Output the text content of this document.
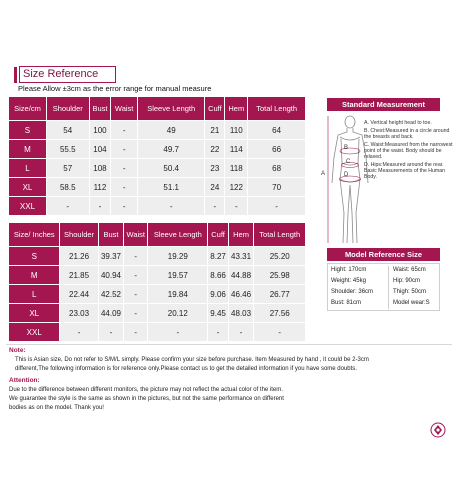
Size Reference
Please Allow ±3cm as the error range for manual measure
Size/cm	Shoulder	Bust	Waist	Sleeve Length	Cuff	Hem	Total Length
S	54	100	-	49	21	110	64
M	55.5	104	-	49.7	22	114	66
L	57	108	-	50.4	23	118	68
XL	58.5	112	-	51.1	24	122	70
XXL	-	-	-	-	-	-	-
Size/ Inches	Shoulder	Bust	Waist	Sleeve Length	Cuff	Hem	Total Length
S	21.26	39.37	-	19.29	8.27	43.31	25.20
M	21.85	40.94	-	19.57	8.66	44.88	25.98
L	22.44	42.52	-	19.84	9.06	46.46	26.77
XL	23.03	44.09	-	20.12	9.45	48.03	27.56
XXL	-	-	-	-	-	-	-
Standard Measurement
A
B
C
D
A. Vertical height head to toe.
B. Chest:Measured in a circle around the breasts and back.
C. Waist:Measured from the narrowest point of the waist. Body should be relaxed.
D. Hips:Measured around the rear. Basic Measurements of the Human Body.
Model Reference Size
Hight: 170cm
Weight: 45kg
Shoulder: 36cm
Bust: 81cm
Waist: 65cm
Hip: 90cm
Thigh: 50cm
Model wear:S
Note:
This is Asian size, Do not refer to S/M/L simply. Please confirm your size before purchase. Item Measured by hand , it could be 2-3cm
different,The following information is for reference only.Please contact us to get the detailed information if you have some doubts.
Attention:
Due to the difference between different monitors, the picture may not reflect the actual color of the item.
We guarantee the style is the same as shown in the pictures, but not the same performance on different
bodies as on the model. Thank you!
